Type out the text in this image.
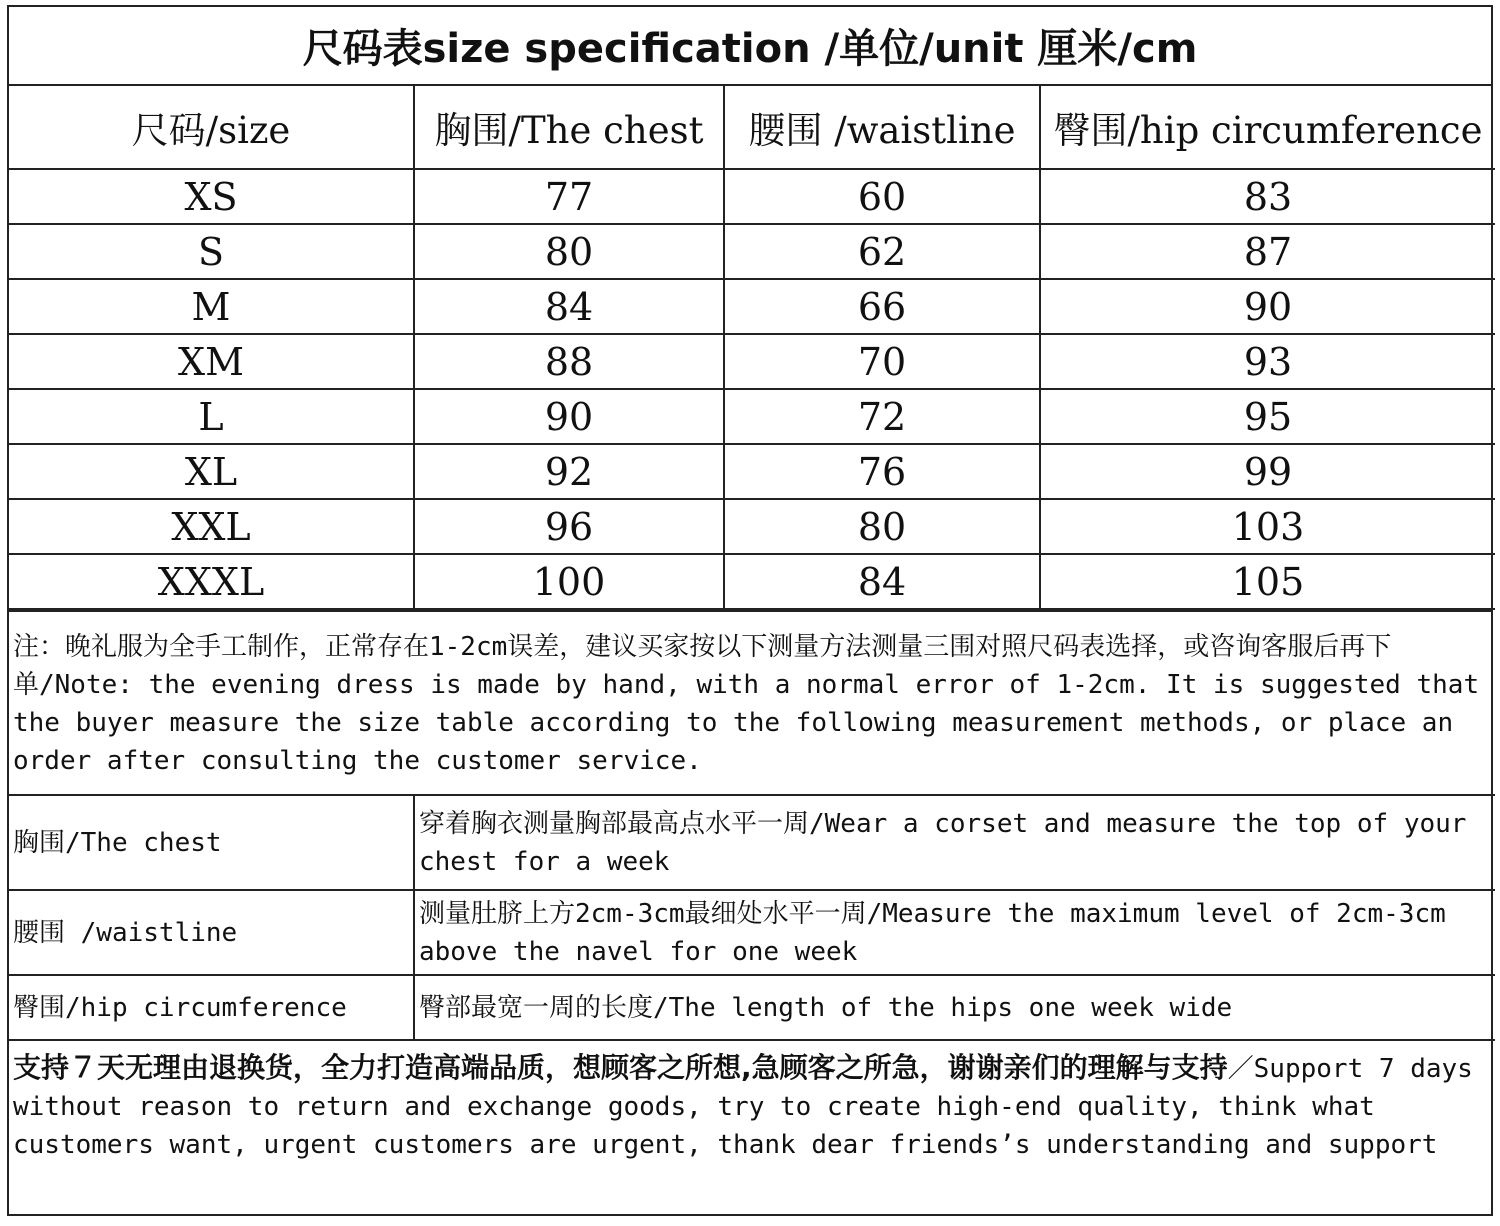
尺码表size specification /单位/unit 厘米/cm
尺码/size	胸围/The chest	腰围 /waistline	臀围/hip circumference
XS	77	60	83
S	80	62	87
M	84	66	90
XM	88	70	93
L	90	72	95
XL	92	76	99
XXL	96	80	103
XXXL	100	84	105
注：晚礼服为全手工制作，正常存在1-2cm误差，建议买家按以下测量方法测量三围对照尺码表选择，或咨询客服后再下单/Note: the evening dress is made by hand, with a normal error of 1-2cm. It is suggested that the buyer measure the size table according to the following measurement methods, or place an order after consulting the customer service.
胸围/The chest	穿着胸衣测量胸部最高点水平一周/Wear a corset and measure the top of your chest for a week
腰围 /waistline	测量肚脐上方2cm-3cm最细处水平一周/Measure the maximum level of 2cm-3cm above the navel for one week
臀围/hip circumference	臀部最宽一周的长度/The length of the hips one week wide
支持７天无理由退换货，全力打造高端品质，想顾客之所想,急顾客之所急，谢谢亲们的理解与支持／Support 7 days without reason to return and exchange goods, try to create high-end quality, think what customers want, urgent customers are urgent, thank dear friends’s understanding and support
